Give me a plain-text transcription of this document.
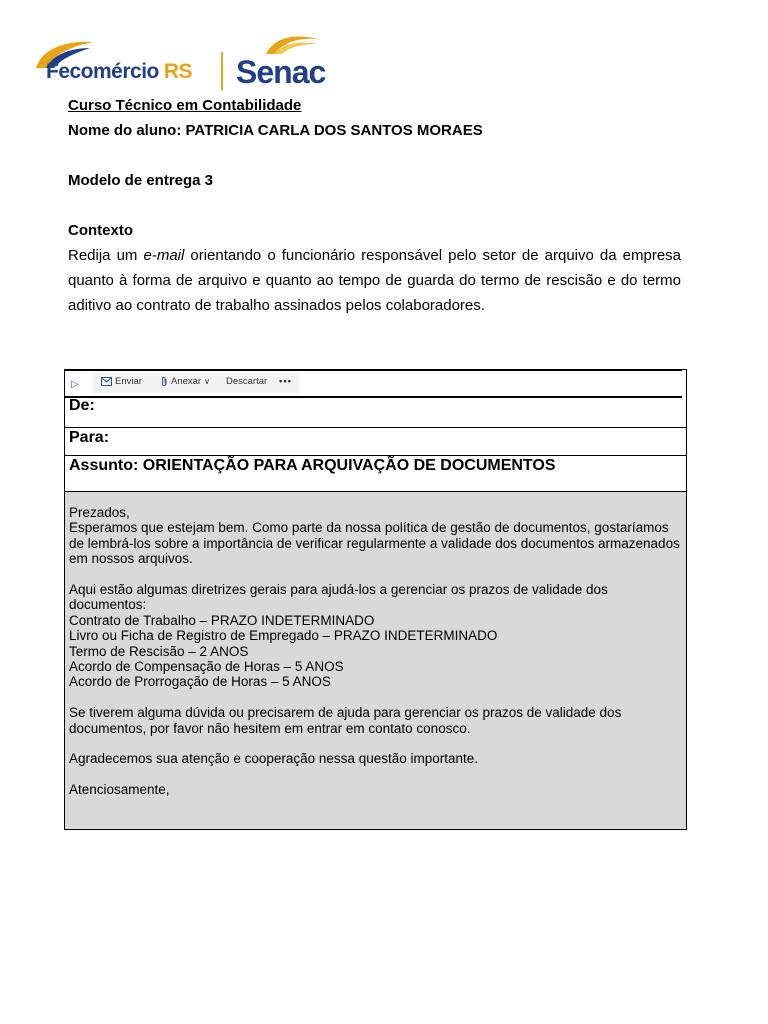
Fecomércio RS Senac
Curso Técnico em Contabilidade
Nome do aluno: PATRICIA CARLA DOS SANTOS MORAES
Modelo de entrega 3
Contexto
Redija um e-mail orientando o funcionário responsável pelo setor de arquivo da empresa quanto à forma de arquivo e quanto ao tempo de guarda do termo de rescisão e do termo aditivo ao contrato de trabalho assinados pelos colaboradores.
▷	Enviar	Anexar ∨ Descartar •••
De:
Para:
Assunto: ORIENTAÇÃO PARA ARQUIVAÇÃO DE DOCUMENTOS

Prezados,

Esperamos que estejam bem. Como parte da nossa política de gestão de documentos, gostaríamos de lembrá-los sobre a importância de verificar regularmente a validade dos documentos armazenados em nossos arquivos.

Aqui estão algumas diretrizes gerais para ajudá-los a gerenciar os prazos de validade dos documentos:

Contrato de Trabalho – PRAZO INDETERMINADO

Livro ou Ficha de Registro de Empregado – PRAZO INDETERMINADO

Termo de Rescisão – 2 ANOS

Acordo de Compensação de Horas – 5 ANOS

Acordo de Prorrogação de Horas – 5 ANOS

Se tiverem alguma dúvida ou precisarem de ajuda para gerenciar os prazos de validade dos documentos, por favor não hesitem em entrar em contato conosco.

Agradecemos sua atenção e cooperação nessa questão importante.

Atenciosamente,
